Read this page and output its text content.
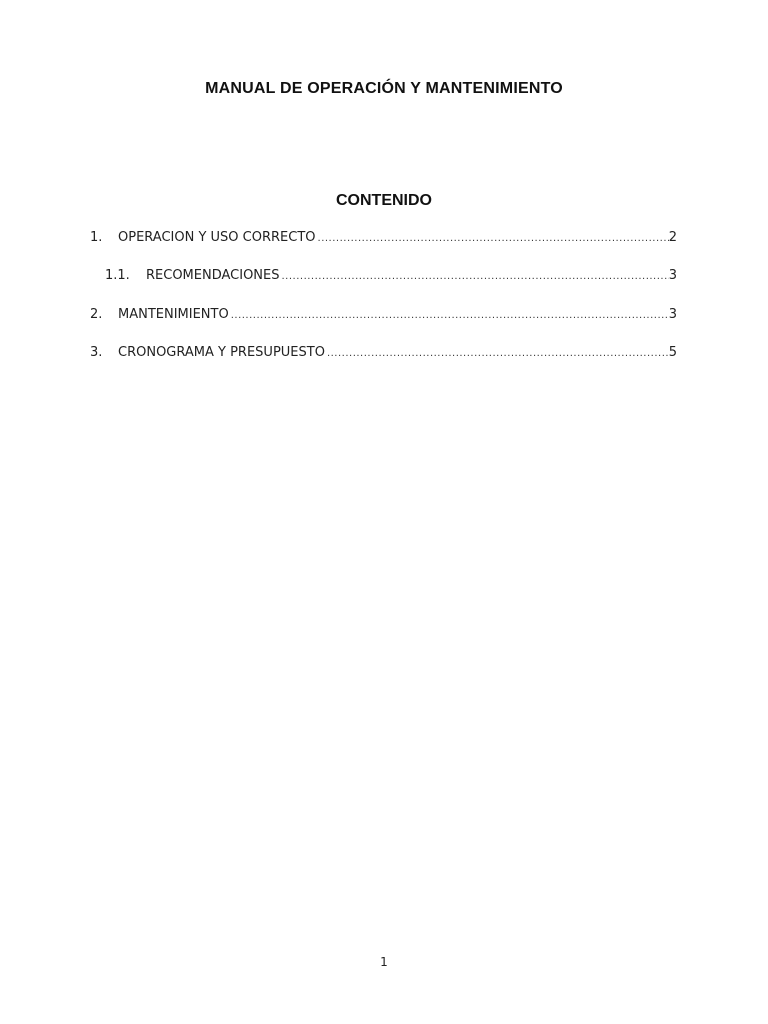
MANUAL DE OPERACIÓN Y MANTENIMIENTO
CONTENIDO
1.	OPERACIÓN Y USO CORRECTO .....	2
1.1.	RECOMENDACIONES .....	3
2.	MANTENIMIENTO .....	3
3.	CRONOGRAMA Y PRESUPUESTO .....	5
1
